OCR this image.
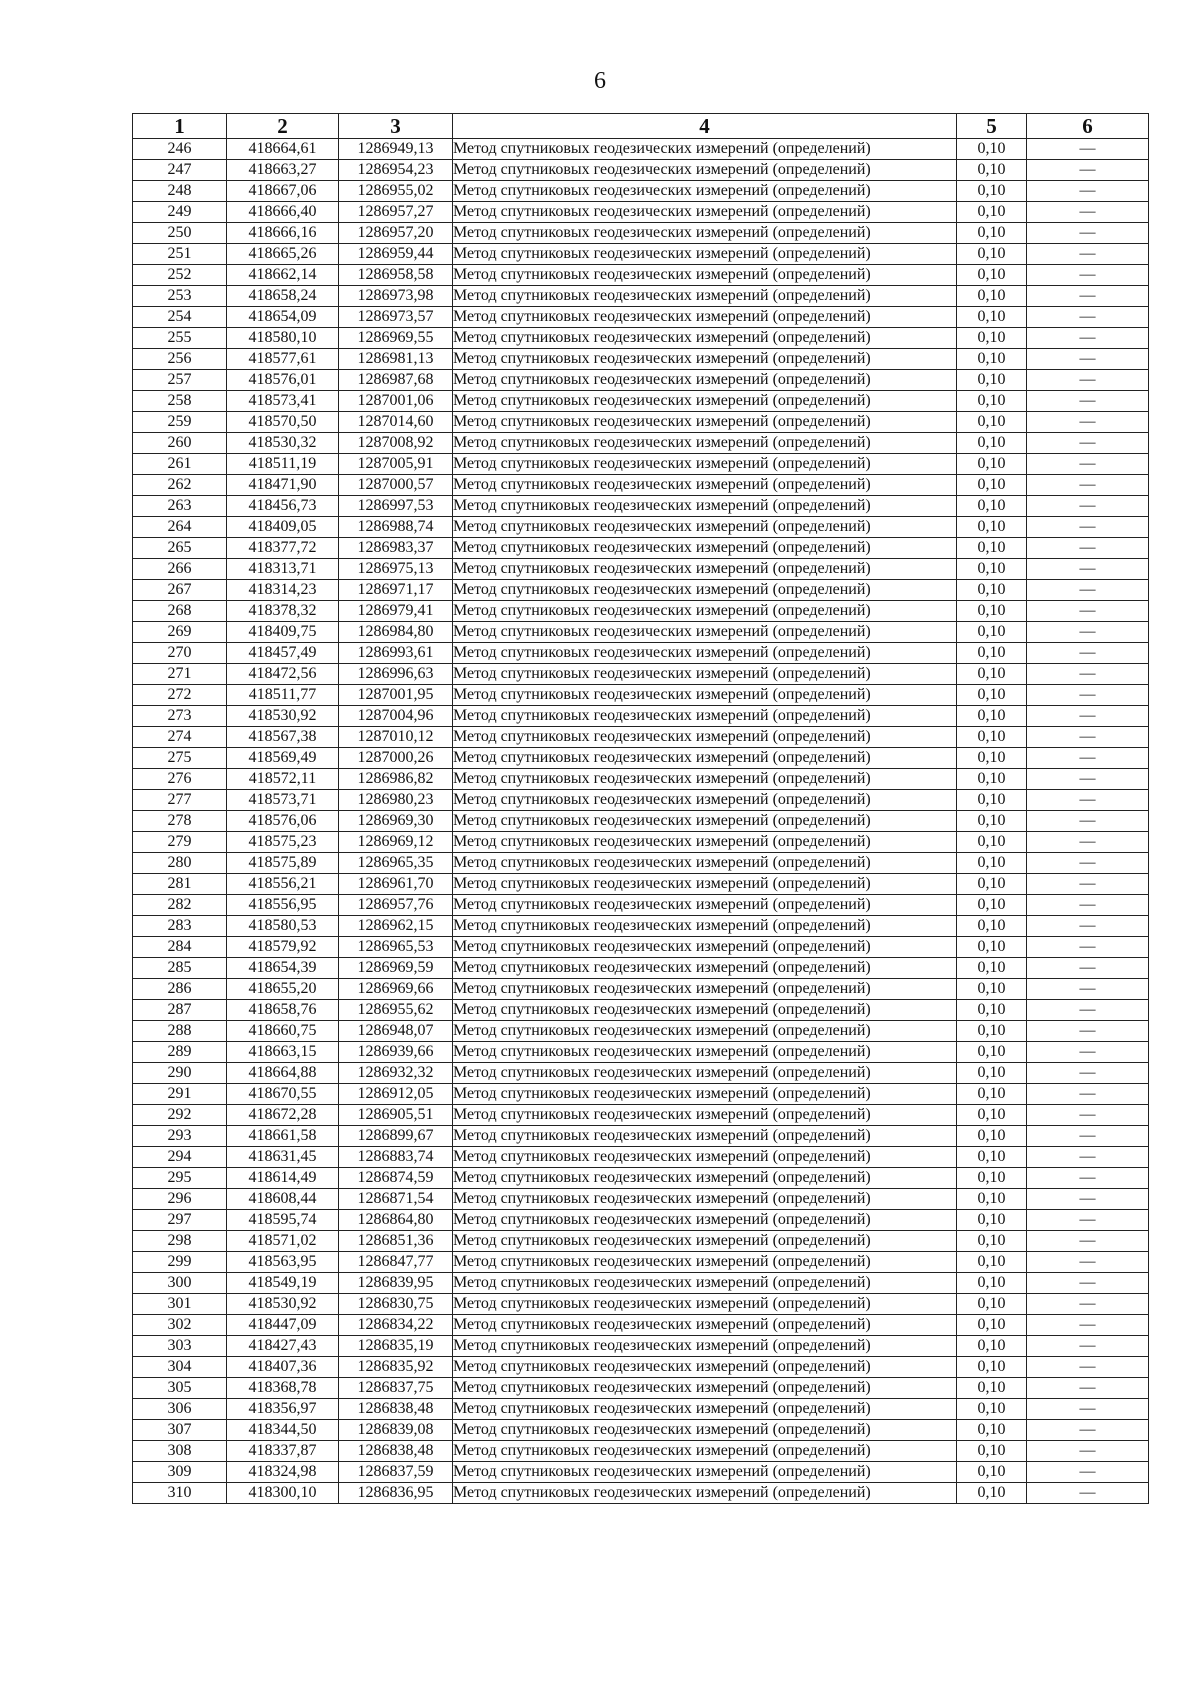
6
1	2	3	4	5	6
246	418664,61	1286949,13	Метод спутниковых геодезических измерений (определений)	0,10	—
247	418663,27	1286954,23	Метод спутниковых геодезических измерений (определений)	0,10	—
248	418667,06	1286955,02	Метод спутниковых геодезических измерений (определений)	0,10	—
249	418666,40	1286957,27	Метод спутниковых геодезических измерений (определений)	0,10	—
250	418666,16	1286957,20	Метод спутниковых геодезических измерений (определений)	0,10	—
251	418665,26	1286959,44	Метод спутниковых геодезических измерений (определений)	0,10	—
252	418662,14	1286958,58	Метод спутниковых геодезических измерений (определений)	0,10	—
253	418658,24	1286973,98	Метод спутниковых геодезических измерений (определений)	0,10	—
254	418654,09	1286973,57	Метод спутниковых геодезических измерений (определений)	0,10	—
255	418580,10	1286969,55	Метод спутниковых геодезических измерений (определений)	0,10	—
256	418577,61	1286981,13	Метод спутниковых геодезических измерений (определений)	0,10	—
257	418576,01	1286987,68	Метод спутниковых геодезических измерений (определений)	0,10	—
258	418573,41	1287001,06	Метод спутниковых геодезических измерений (определений)	0,10	—
259	418570,50	1287014,60	Метод спутниковых геодезических измерений (определений)	0,10	—
260	418530,32	1287008,92	Метод спутниковых геодезических измерений (определений)	0,10	—
261	418511,19	1287005,91	Метод спутниковых геодезических измерений (определений)	0,10	—
262	418471,90	1287000,57	Метод спутниковых геодезических измерений (определений)	0,10	—
263	418456,73	1286997,53	Метод спутниковых геодезических измерений (определений)	0,10	—
264	418409,05	1286988,74	Метод спутниковых геодезических измерений (определений)	0,10	—
265	418377,72	1286983,37	Метод спутниковых геодезических измерений (определений)	0,10	—
266	418313,71	1286975,13	Метод спутниковых геодезических измерений (определений)	0,10	—
267	418314,23	1286971,17	Метод спутниковых геодезических измерений (определений)	0,10	—
268	418378,32	1286979,41	Метод спутниковых геодезических измерений (определений)	0,10	—
269	418409,75	1286984,80	Метод спутниковых геодезических измерений (определений)	0,10	—
270	418457,49	1286993,61	Метод спутниковых геодезических измерений (определений)	0,10	—
271	418472,56	1286996,63	Метод спутниковых геодезических измерений (определений)	0,10	—
272	418511,77	1287001,95	Метод спутниковых геодезических измерений (определений)	0,10	—
273	418530,92	1287004,96	Метод спутниковых геодезических измерений (определений)	0,10	—
274	418567,38	1287010,12	Метод спутниковых геодезических измерений (определений)	0,10	—
275	418569,49	1287000,26	Метод спутниковых геодезических измерений (определений)	0,10	—
276	418572,11	1286986,82	Метод спутниковых геодезических измерений (определений)	0,10	—
277	418573,71	1286980,23	Метод спутниковых геодезических измерений (определений)	0,10	—
278	418576,06	1286969,30	Метод спутниковых геодезических измерений (определений)	0,10	—
279	418575,23	1286969,12	Метод спутниковых геодезических измерений (определений)	0,10	—
280	418575,89	1286965,35	Метод спутниковых геодезических измерений (определений)	0,10	—
281	418556,21	1286961,70	Метод спутниковых геодезических измерений (определений)	0,10	—
282	418556,95	1286957,76	Метод спутниковых геодезических измерений (определений)	0,10	—
283	418580,53	1286962,15	Метод спутниковых геодезических измерений (определений)	0,10	—
284	418579,92	1286965,53	Метод спутниковых геодезических измерений (определений)	0,10	—
285	418654,39	1286969,59	Метод спутниковых геодезических измерений (определений)	0,10	—
286	418655,20	1286969,66	Метод спутниковых геодезических измерений (определений)	0,10	—
287	418658,76	1286955,62	Метод спутниковых геодезических измерений (определений)	0,10	—
288	418660,75	1286948,07	Метод спутниковых геодезических измерений (определений)	0,10	—
289	418663,15	1286939,66	Метод спутниковых геодезических измерений (определений)	0,10	—
290	418664,88	1286932,32	Метод спутниковых геодезических измерений (определений)	0,10	—
291	418670,55	1286912,05	Метод спутниковых геодезических измерений (определений)	0,10	—
292	418672,28	1286905,51	Метод спутниковых геодезических измерений (определений)	0,10	—
293	418661,58	1286899,67	Метод спутниковых геодезических измерений (определений)	0,10	—
294	418631,45	1286883,74	Метод спутниковых геодезических измерений (определений)	0,10	—
295	418614,49	1286874,59	Метод спутниковых геодезических измерений (определений)	0,10	—
296	418608,44	1286871,54	Метод спутниковых геодезических измерений (определений)	0,10	—
297	418595,74	1286864,80	Метод спутниковых геодезических измерений (определений)	0,10	—
298	418571,02	1286851,36	Метод спутниковых геодезических измерений (определений)	0,10	—
299	418563,95	1286847,77	Метод спутниковых геодезических измерений (определений)	0,10	—
300	418549,19	1286839,95	Метод спутниковых геодезических измерений (определений)	0,10	—
301	418530,92	1286830,75	Метод спутниковых геодезических измерений (определений)	0,10	—
302	418447,09	1286834,22	Метод спутниковых геодезических измерений (определений)	0,10	—
303	418427,43	1286835,19	Метод спутниковых геодезических измерений (определений)	0,10	—
304	418407,36	1286835,92	Метод спутниковых геодезических измерений (определений)	0,10	—
305	418368,78	1286837,75	Метод спутниковых геодезических измерений (определений)	0,10	—
306	418356,97	1286838,48	Метод спутниковых геодезических измерений (определений)	0,10	—
307	418344,50	1286839,08	Метод спутниковых геодезических измерений (определений)	0,10	—
308	418337,87	1286838,48	Метод спутниковых геодезических измерений (определений)	0,10	—
309	418324,98	1286837,59	Метод спутниковых геодезических измерений (определений)	0,10	—
310	418300,10	1286836,95	Метод спутниковых геодезических измерений (определений)	0,10	—
